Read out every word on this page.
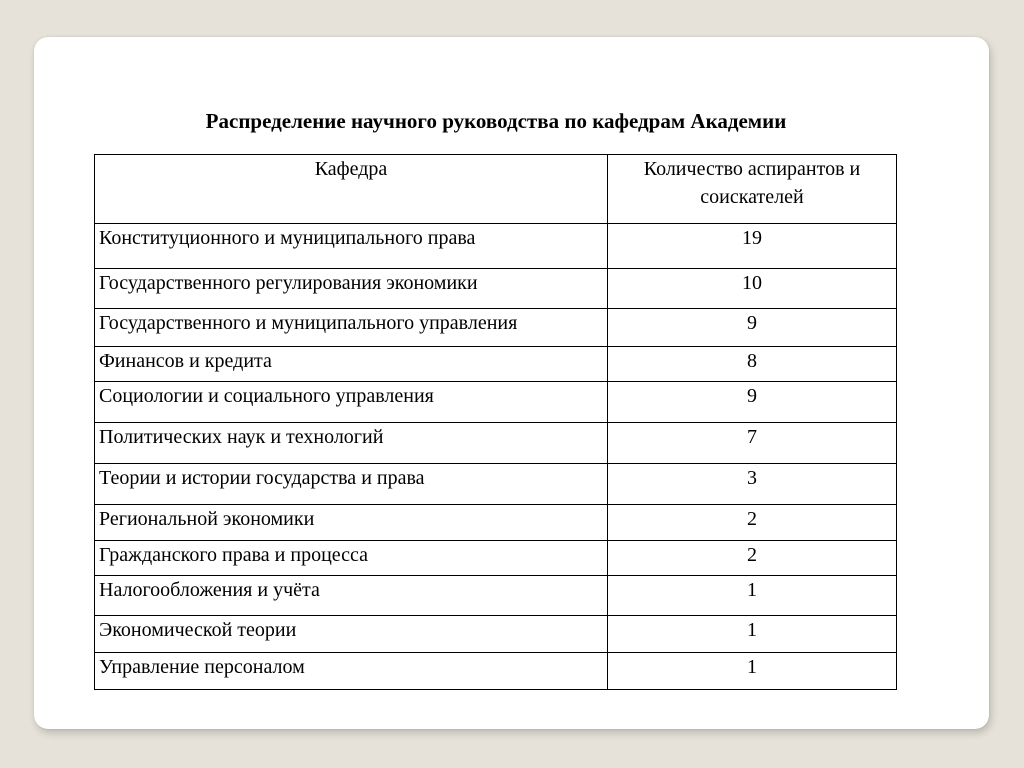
Распределение научного руководства по кафедрам Академии
Кафедра	Количество аспирантов и соискателей
Конституционного и муниципального права	19
Государственного регулирования экономики	10
Государственного и муниципального управления	9
Финансов и кредита	8
Социологии и социального управления	9
Политических наук и технологий	7
Теории и истории государства и права	3
Региональной экономики	2
Гражданского права и процесса	2
Налогообложения и учёта	1
Экономической теории	1
Управление персоналом	1
